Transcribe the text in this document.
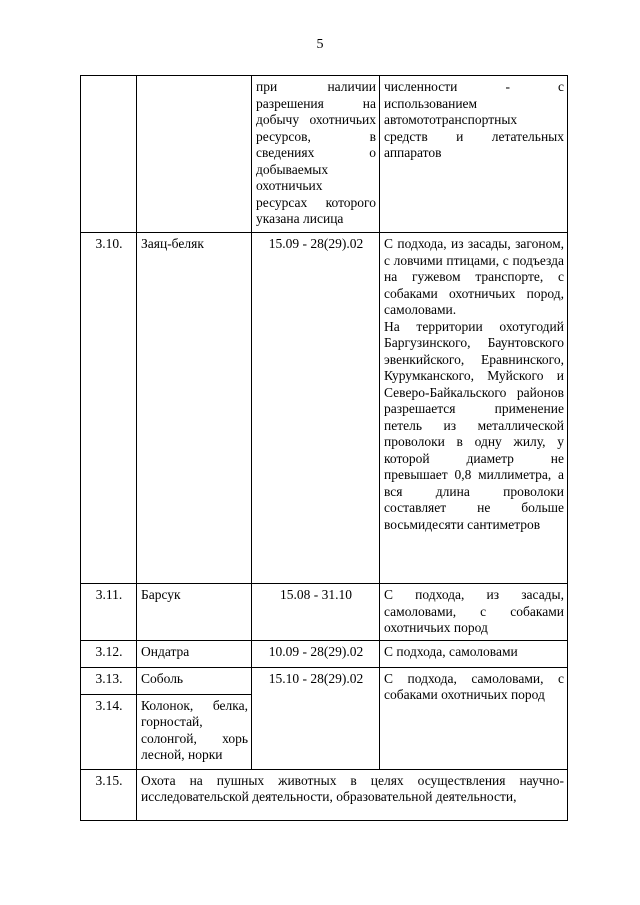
5
		при наличии разрешения на добычу охотничьих ресурсов, в сведениях о добываемых охотничьих ресурсах которого указана лисица	численности - с использованием автомототранспортных средств и летательных аппаратов
3.10.	Заяц-беляк	15.09 - 28(29).02	С подхода, из засады, загоном, с ловчими птицами, с подъезда на гужевом транспорте, с собаками охотничьих пород, самоловами.
На территории охотугодий Баргузинского, Баунтовского эвенкийского, Еравнинского, Курумканского, Муйского и Северо-Байкальского районов разрешается применение петель из металлической проволоки в одну жилу, у которой диаметр не превышает 0,8 миллиметра, а вся длина проволоки составляет не больше восьмидесяти сантиметров

3.11.	Барсук	15.08 - 31.10	С подхода, из засады, самоловами, с собаками охотничьих пород
3.12.	Ондатра	10.09 - 28(29).02	С подхода, самоловами
3.13.	Соболь	15.10 - 28(29).02	С подхода, самоловами, с собаками охотничьих пород
3.14.	Колонок, белка, горностай, солонгой, хорь лесной, норки		
3.15.	Охота на пушных животных в целях осуществления научно-исследовательской деятельности, образовательной деятельности,		
